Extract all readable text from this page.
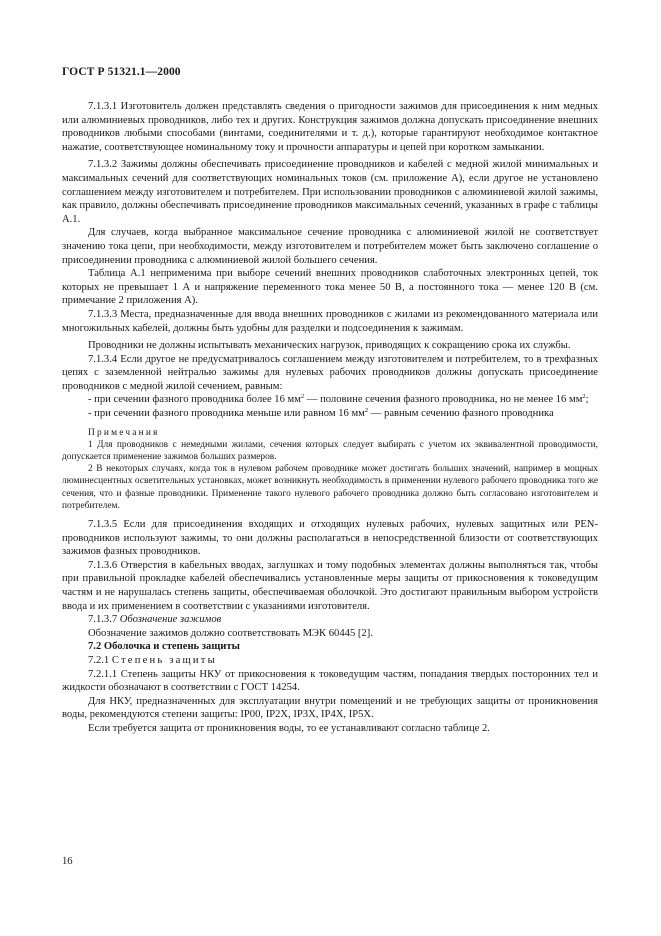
ГОСТ Р 51321.1—2000

7.1.3.1 Изготовитель должен представлять сведения о пригодности зажимов для присоединения к ним медных или алюминиевых проводников, либо тех и других. Конструкция зажимов должна допускать присоединение внешних проводников любыми способами (винтами, соединителями и т. д.), которые гарантируют необходимое контактное нажатие, соответствующее номинальному току и прочности аппаратуры и цепей при коротком замыкании.

7.1.3.2 Зажимы должны обеспечивать присоединение проводников и кабелей с медной жилой минимальных и максимальных сечений для соответствующих номинальных токов (см. приложение А), если другое не установлено соглашением между изготовителем и потребителем. При использовании проводников с алюминиевой жилой зажимы, как правило, должны обеспечивать присоединение проводников максимальных сечений, указанных в графе с таблицы А.1.

Для случаев, когда выбранное максимальное сечение проводника с алюминиевой жилой не соответствует значению тока цепи, при необходимости, между изготовителем и потребителем может быть заключено соглашение о присоединении проводника с алюминиевой жилой большего сечения.

Таблица А.1 неприменима при выборе сечений внешних проводников слаботочных электронных цепей, ток которых не превышает 1 А и напряжение переменного тока менее 50 В, а постоянного тока — менее 120 В (см. примечание 2 приложения А).

7.1.3.3 Места, предназначенные для ввода внешних проводников с жилами из рекомендованного материала или многожильных кабелей, должны быть удобны для разделки и подсоединения к зажимам.

Проводники не должны испытывать механических нагрузок, приводящих к сокращению срока их службы.

7.1.3.4 Если другое не предусматривалось соглашением между изготовителем и потребителем, то в трехфазных цепях с заземленной нейтралью зажимы для нулевых рабочих проводников должны допускать присоединение проводников с медной жилой сечением, равным:

- при сечении фазного проводника более 16 $мм^2$ — половине сечения фазного проводника, но не менее 16 $мм^2$;

- при сечении фазного проводника меньше или равном 16 $мм^2$ — равным сечению фазного проводника

Примечания

1 Для проводников с немедными жилами, сечения которых следует выбирать с учетом их эквивалентной проводимости, допускается применение зажимов больших размеров.

2 В некоторых случаях, когда ток в нулевом рабочем проводнике может достигать больших значений, например в мощных люминесцентных осветительных установках, может возникнуть необходимость в применении нулевого рабочего проводника того же сечения, что и фазные проводники. Применение такого нулевого рабочего проводника должно быть согласовано изготовителем и потребителем.

7.1.3.5 Если для присоединения входящих и отходящих нулевых рабочих, нулевых защитных или PEN-проводников используют зажимы, то они должны располагаться в непосредственной близости от соответствующих зажимов фазных проводников.

7.1.3.6 Отверстия в кабельных вводах, заглушках и тому подобных элементах должны выполняться так, чтобы при правильной прокладке кабелей обеспечивались установленные меры защиты от прикосновения к токоведущим частям и не нарушалась степень защиты, обеспечиваемая оболочкой. Это достигают правильным выбором устройств ввода и их применением в соответствии с указаниями изготовителя.

7.1.3.7 Обозначение зажимов

Обозначение зажимов должно соответствовать МЭК 60445 [2].

7.2 Оболочка и степень защиты

7.2.1 Степень защиты

7.2.1.1 Степень защиты НКУ от прикосновения к токоведущим частям, попадания твердых посторонних тел и жидкости обозначают в соответствии с ГОСТ 14254.

Для НКУ, предназначенных для эксплуатации внутри помещений и не требующих защиты от проникновения воды, рекомендуются степени защиты: IP00, IP2X, IP3X, IP4X, IP5X.

Если требуется защита от проникновения воды, то ее устанавливают согласно таблице 2.

16
